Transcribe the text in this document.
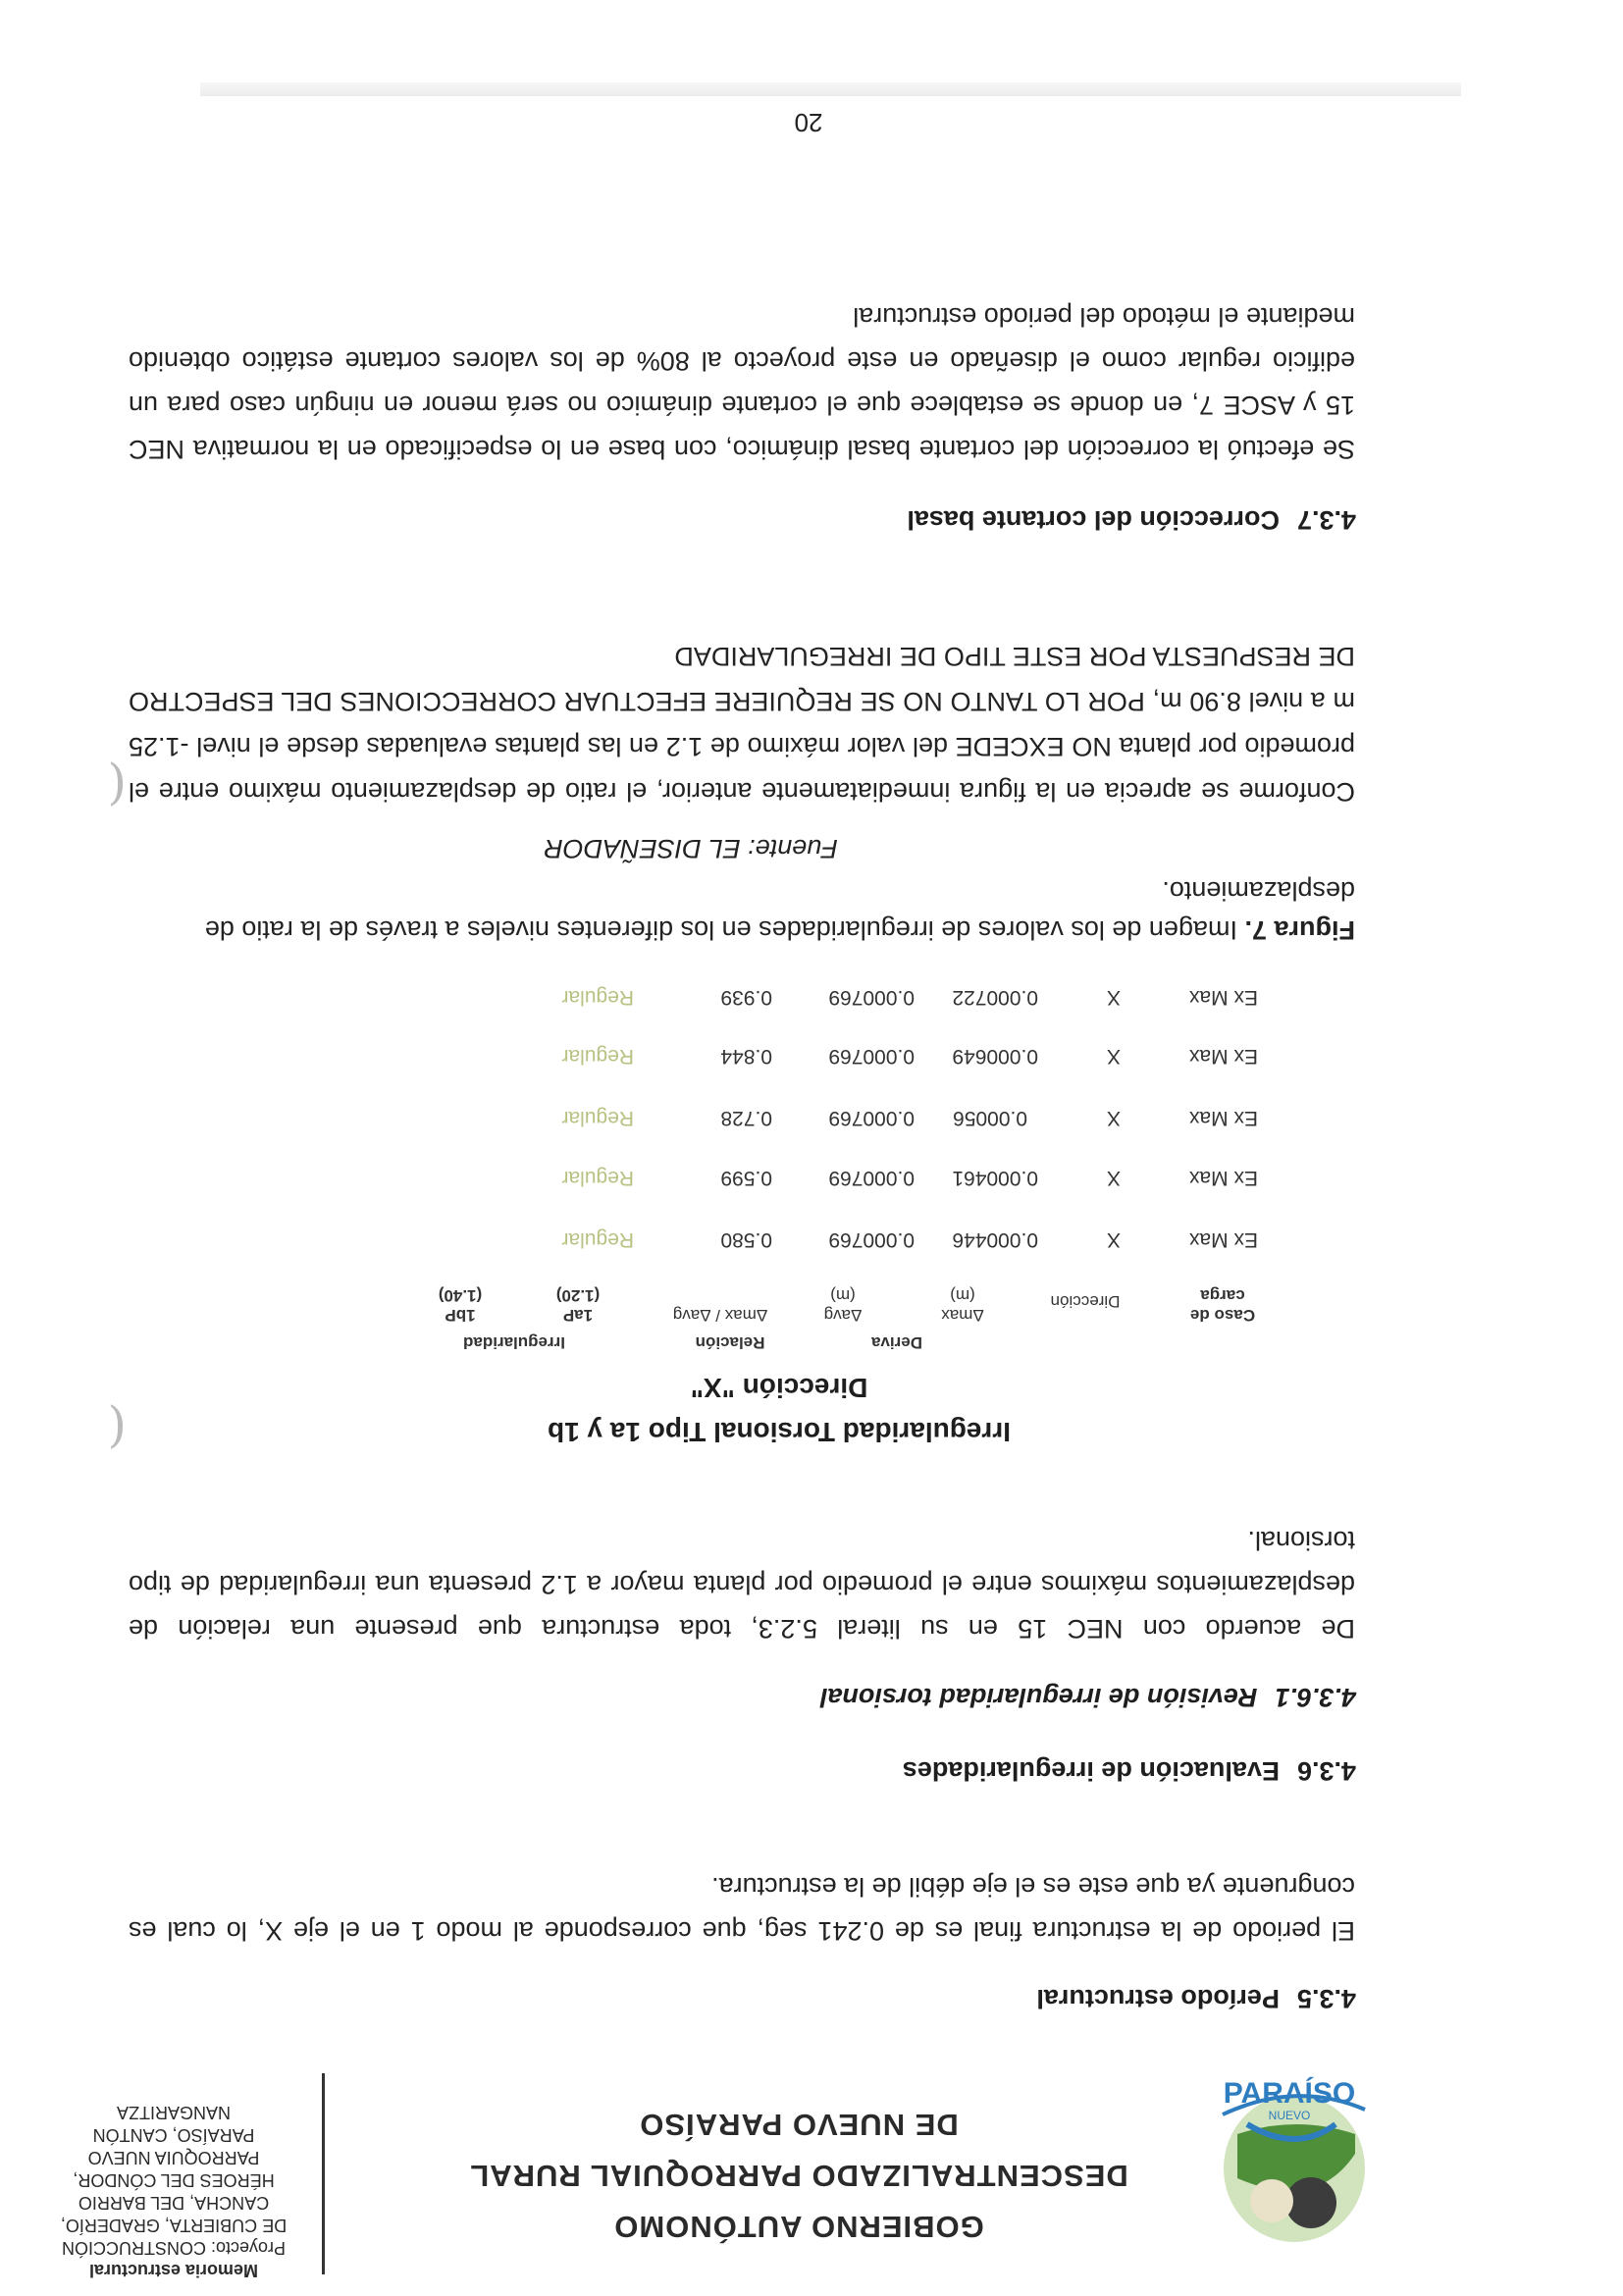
PARAÍSO
NUEVO
GOBIERNO AUTÓNOMO
DESCENTRALIZADO PARROQUIAL RURAL
DE NUEVO PARAÍSO
Memoria estructural
Proyecto: CONSTRUCCIÓN
DE CUBIERTA, GRADERÍO,
CANCHA, DEL BARRIO
HÉROES DEL CÓNDOR,
PARROQUIA NUEVO
PARAÍSO, CANTÓN
NANGARITZA
4.3.5Período estructural
El periodo de la estructura final es de 0.241 seg, que corresponde al modo 1 en el eje X, lo cual es congruente ya que este es el eje débil de la estructura.
4.3.6Evaluación de irregularidades
4.3.6.1Revisión de irregularidad torsional
De acuerdo con NEC 15 en su literal 5.2.3, toda estructura que presente una relación de desplazamientos máximos entre el promedio por planta mayor a 1.2 presenta una irregularidad de tipo torsional.
Irregularidad Torsional Tipo 1a y 1b
Dirección "X"
Deriva
Relación
Irregularidad
Caso de
carga
Dirección
Δmax
(m)
Δavg
(m)
Δmax / Δavg
1aP
(1.20)
1bP
(1.40)
Ex Max
X
0.000446
0.000769
0.580
Regular
Ex Max
X
0.000461
0.000769
0.599
Regular
Ex Max
X
0.00056
0.000769
0.728
Regular
Ex Max
X
0.000649
0.000769
0.844
Regular
Ex Max
X
0.000722
0.000769
0.939
Regular
Figura 7. Imagen de los valores de irregularidades en los diferentes niveles a través de la ratio de desplazamiento.
Fuente: EL DISEÑADOR
Conforme se aprecia en la figura inmediatamente anterior, el ratio de desplazamiento máximo entre el promedio por planta NO EXCEDE del valor máximo de 1.2 en las plantas evaluadas desde el nivel -1.25 m a nivel 8.90 m, POR LO TANTO NO SE REQUIERE EFECTUAR CORRECCIONES DEL ESPECTRO DE RESPUESTA POR ESTE TIPO DE IRREGULARIDAD
4.3.7Corrección del cortante basal
Se efectuó la corrección del cortante basal dinámico, con base en lo especificado en la normativa NEC 15 y ASCE 7, en donde se establece que el cortante dinámico no será menor en ningún caso para un edificio regular como el diseñado en este proyecto al 80% de los valores cortante estático obtenido mediante el método del periodo estructural
(
(
20
